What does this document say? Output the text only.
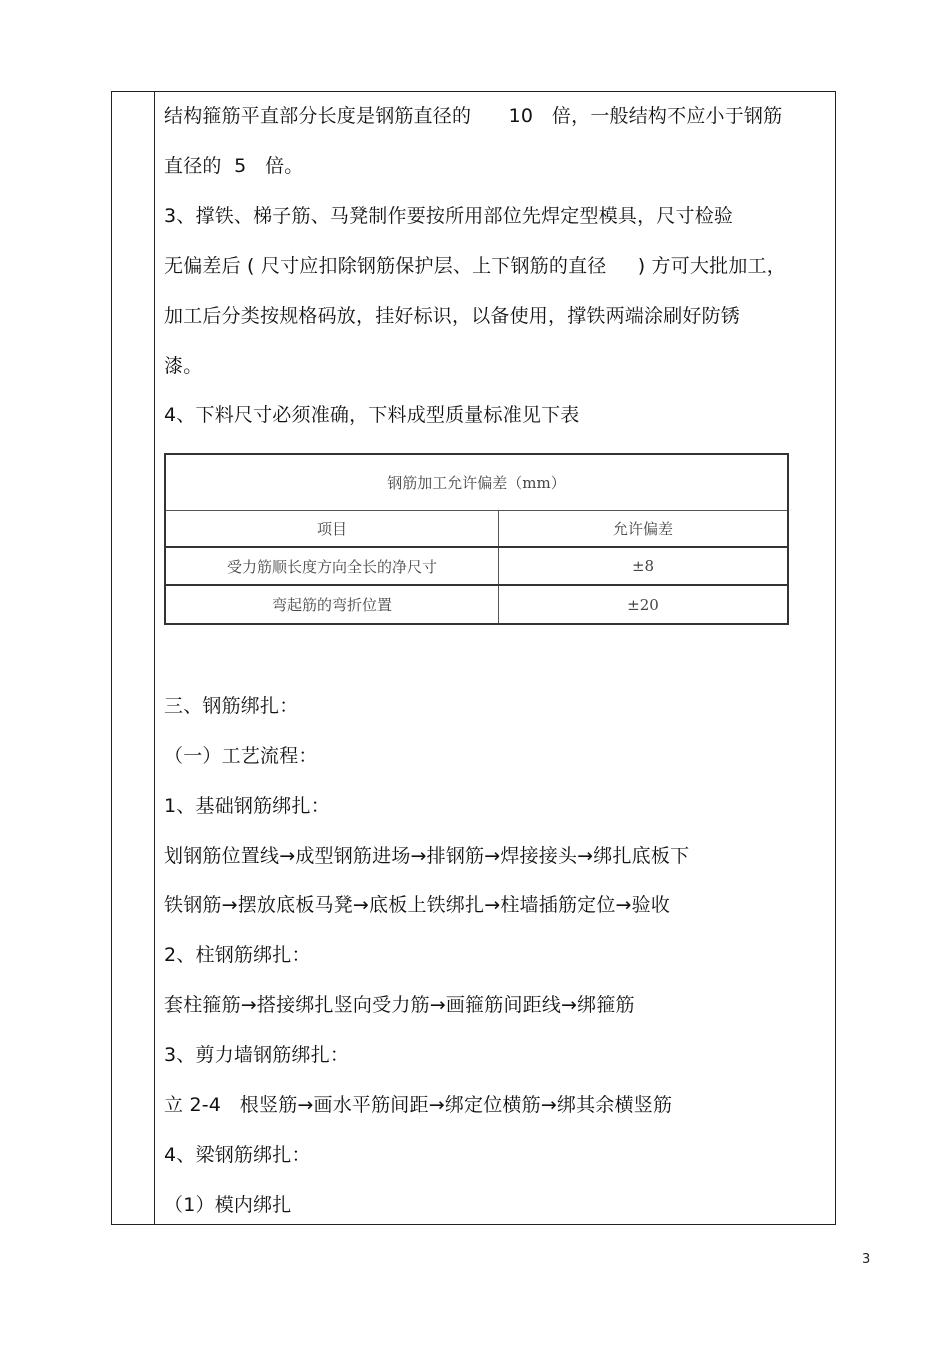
结构箍筋平直部分长度是钢筋直径的      10   倍，一般结构不应小于钢筋
直径的  5   倍。
3、撑铁、梯子筋、马凳制作要按所用部位先焊定型模具，尺寸检验
无偏差后 ( 尺寸应扣除钢筋保护层、上下钢筋的直径     ) 方可大批加工，
加工后分类按规格码放，挂好标识，以备使用，撑铁两端涂刷好防锈
漆。
4、下料尺寸必须准确，下料成型质量标准见下表
钢筋加工允许偏差（mm）
项目	允许偏差
受力筋顺长度方向全长的净尺寸	±8
弯起筋的弯折位置	±20
三、钢筋绑扎：
（一）工艺流程：
1、基础钢筋绑扎：
划钢筋位置线→成型钢筋进场→排钢筋→焊接接头→绑扎底板下
铁钢筋→摆放底板马凳→底板上铁绑扎→柱墙插筋定位→验收
2、柱钢筋绑扎：
套柱箍筋→搭接绑扎竖向受力筋→画箍筋间距线→绑箍筋
3、剪力墙钢筋绑扎：
立 2-4   根竖筋→画水平筋间距→绑定位横筋→绑其余横竖筋
4、梁钢筋绑扎：
（1）模内绑扎
3
